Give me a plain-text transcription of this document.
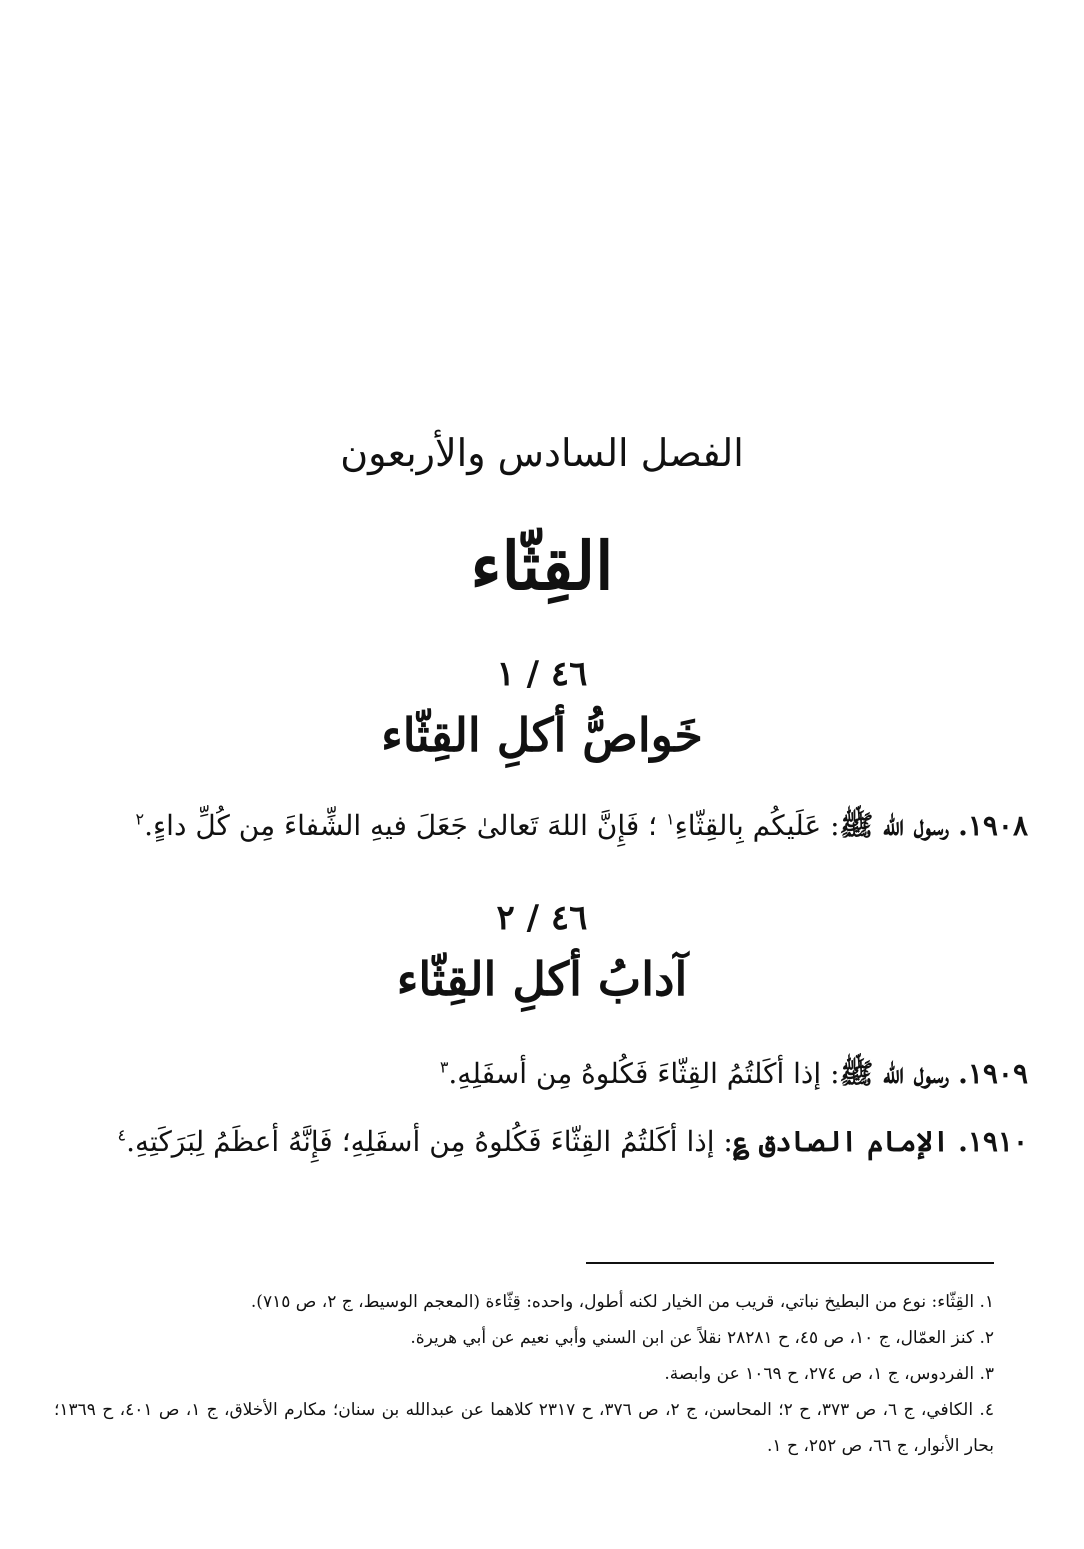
الفصل السادس والأربعون
القِثّاء
٤٦ / ١
خَواصُّ أكلِ القِثّاء
١٩٠٨. رسول الله ﷺ: عَلَيكُم بِالقِثّاءِ$^١$ ؛ فَإِنَّ اللهَ تَعالىٰ جَعَلَ فيهِ الشِّفاءَ مِن كُلِّ داءٍ.$^٢$
٤٦ / ٢
آدابُ أكلِ القِثّاء
١٩٠٩. رسول الله ﷺ: إذا أكَلتُمُ القِثّاءَ فَكُلوهُ مِن أسفَلِهِ.$^٣$
١٩١٠. الإمام الصادق ؏: إذا أكَلتُمُ القِثّاءَ فَكُلوهُ مِن أسفَلِهِ؛ فَإِنَّهُ أعظَمُ لِبَرَكَتِهِ.$^٤$
١. القِثّاء: نوع من البطيخ نباتي، قريب من الخيار لكنه أطول، واحده: قِثّاءة (المعجم الوسيط، ج ٢، ص ٧١٥).
٢. كنز العمّال، ج ١٠، ص ٤٥، ح ٢٨٢٨١ نقلاً عن ابن السني وأبي نعيم عن أبي هريرة.
٣. الفردوس، ج ١، ص ٢٧٤، ح ١٠٦٩ عن وابصة.
٤. الكافي، ج ٦، ص ٣٧٣، ح ٢؛ المحاسن، ج ٢، ص ٣٧٦، ح ٢٣١٧ كلاهما عن عبدالله بن سنان؛ مكارم الأخلاق، ج ١، ص ٤٠١، ح ١٣٦٩؛ بحار الأنوار، ج ٦٦، ص ٢٥٢، ح ١.
